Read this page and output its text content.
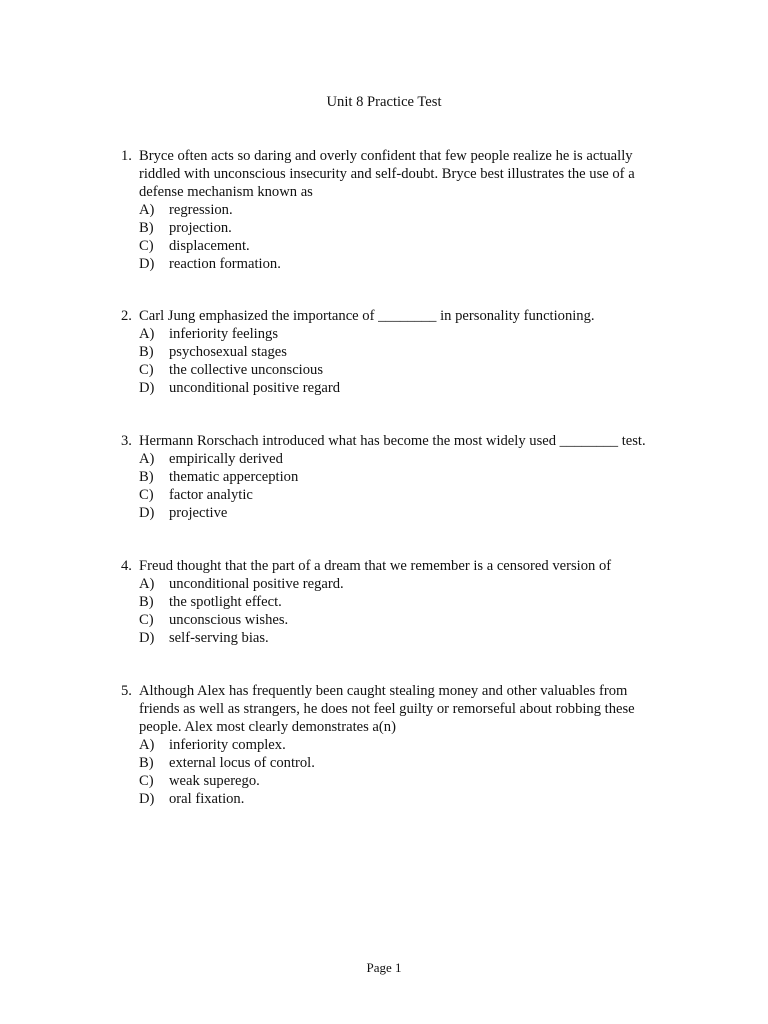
Unit 8 Practice Test
1. Bryce often acts so daring and overly confident that few people realize he is actually
riddled with unconscious insecurity and self-doubt. Bryce best illustrates the use of a
defense mechanism known as
A) regression.
B) projection.
C) displacement.
D) reaction formation.
2. Carl Jung emphasized the importance of ________ in personality functioning.
A) inferiority feelings
B) psychosexual stages
C) the collective unconscious
D) unconditional positive regard
3. Hermann Rorschach introduced what has become the most widely used ________ test.
A) empirically derived
B) thematic apperception
C) factor analytic
D) projective
4. Freud thought that the part of a dream that we remember is a censored version of
A) unconditional positive regard.
B) the spotlight effect.
C) unconscious wishes.
D) self-serving bias.
5. Although Alex has frequently been caught stealing money and other valuables from
friends as well as strangers, he does not feel guilty or remorseful about robbing these
people. Alex most clearly demonstrates a(n)
A) inferiority complex.
B) external locus of control.
C) weak superego.
D) oral fixation.
Page 1
